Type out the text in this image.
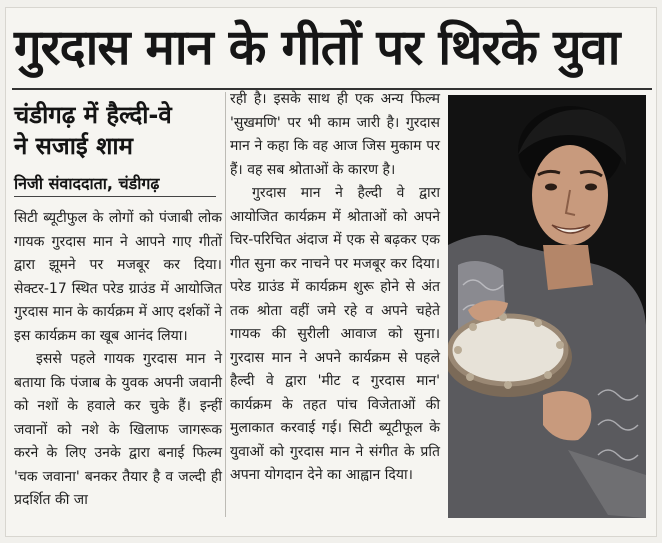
गुरदास मान के गीतों पर थिरके युवा
चंडीगढ़ में हैल्दी-वे
ने सजाई शाम
निजी संवाददाता, चंडीगढ़

सिटी ब्यूटीफुल के लोगों को पंजाबी लोक गायक गुरदास मान ने आपने गाए गीतों द्वारा झूमने पर मजबूर कर दिया। सेक्टर-17 स्थित परेड ग्राउंड में आयोजित गुरदास मान के कार्यक्रम में आए दर्शकों ने इस कार्यक्रम का खूब आनंद लिया।

इससे पहले गायक गुरदास मान ने बताया कि पंजाब के युवक अपनी जवानी को नशों के हवाले कर चुके हैं। इन्हीं जवानों को नशे के खिलाफ जागरूक करने के लिए उनके द्वारा बनाई फिल्म 'चक जवाना' बनकर तैयार है व जल्दी ही प्रदर्शित की जा

रही है। इसके साथ ही एक अन्य फिल्म 'सुखमणि' पर भी काम जारी है। गुरदास मान ने कहा कि वह आज जिस मुकाम पर हैं। वह सब श्रोताओं के कारण है।

गुरदास मान ने हैल्दी वे द्वारा आयोजित कार्यक्रम में श्रोताओं को अपने चिर-परिचित अंदाज में एक से बढ़कर एक गीत सुना कर नाचने पर मजबूर कर दिया। परेड ग्राउंड में कार्यक्रम शुरू होने से अंत तक श्रोता वहीं जमे रहे व अपने चहेते गायक की सुरीली आवाज को सुना। गुरदास मान ने अपने कार्यक्रम से पहले हैल्दी वे द्वारा 'मीट द गुरदास मान' कार्यक्रम के तहत पांच विजेताओं की मुलाकात करवाई गई। सिटी ब्यूटीफूल के युवाओं को गुरदास मान ने संगीत के प्रति अपना योगदान देने का आह्वान दिया।
